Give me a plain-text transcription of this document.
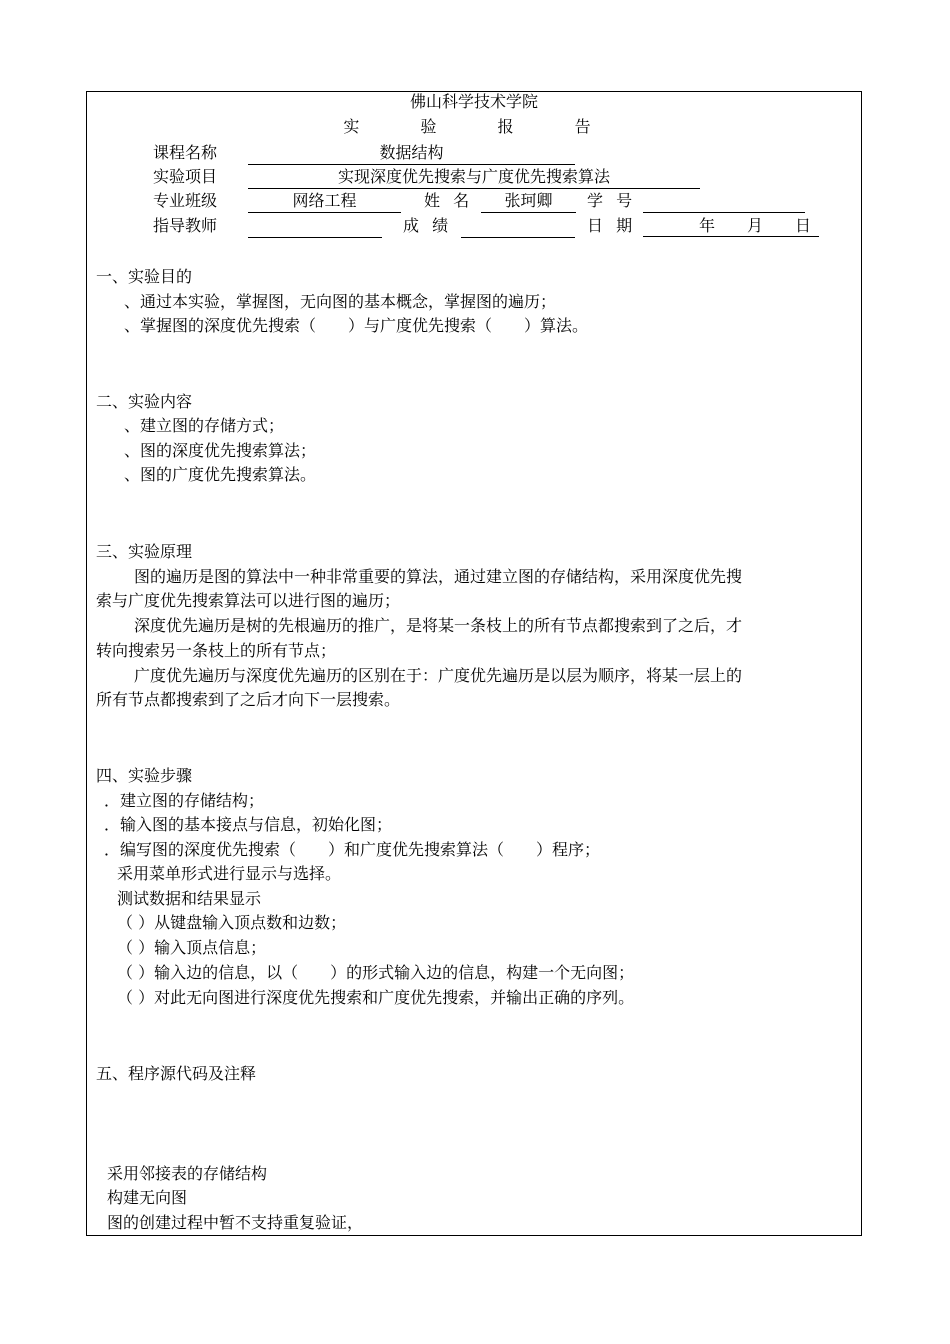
佛山科学技术学院
实 验 报 告
课程名称	数据结构
实验项目	实现深度优先搜索与广度优先搜索算法
专业班级	网络工程	姓 名	张珂卿	学 号
指导教师	成 绩	日 期	年　　月　　日
一、实验目的
、通过本实验，掌握图，无向图的基本概念，掌握图的遍历；
、掌握图的深度优先搜索（　　）与广度优先搜索（　　）算法。
二、实验内容
、建立图的存储方式；
、图的深度优先搜索算法；
、图的广度优先搜索算法。
三、实验原理
图的遍历是图的算法中一种非常重要的算法，通过建立图的存储结构，采用深度优先搜
索与广度优先搜索算法可以进行图的遍历；
深度优先遍历是树的先根遍历的推广，是将某一条枝上的所有节点都搜索到了之后，才
转向搜索另一条枝上的所有节点；
广度优先遍历与深度优先遍历的区别在于：广度优先遍历是以层为顺序，将某一层上的
所有节点都搜索到了之后才向下一层搜索。
四、实验步骤
．建立图的存储结构；
．输入图的基本接点与信息，初始化图；
．编写图的深度优先搜索（　　）和广度优先搜索算法（　　）程序；
采用菜单形式进行显示与选择。
测试数据和结果显示
（ ）从键盘输入顶点数和边数；
（ ）输入顶点信息；
（ ）输入边的信息，以（　　）的形式输入边的信息，构建一个无向图；
（ ）对此无向图进行深度优先搜索和广度优先搜索，并输出正确的序列。
五、程序源代码及注释
采用邻接表的存储结构
构建无向图
图的创建过程中暂不支持重复验证，
